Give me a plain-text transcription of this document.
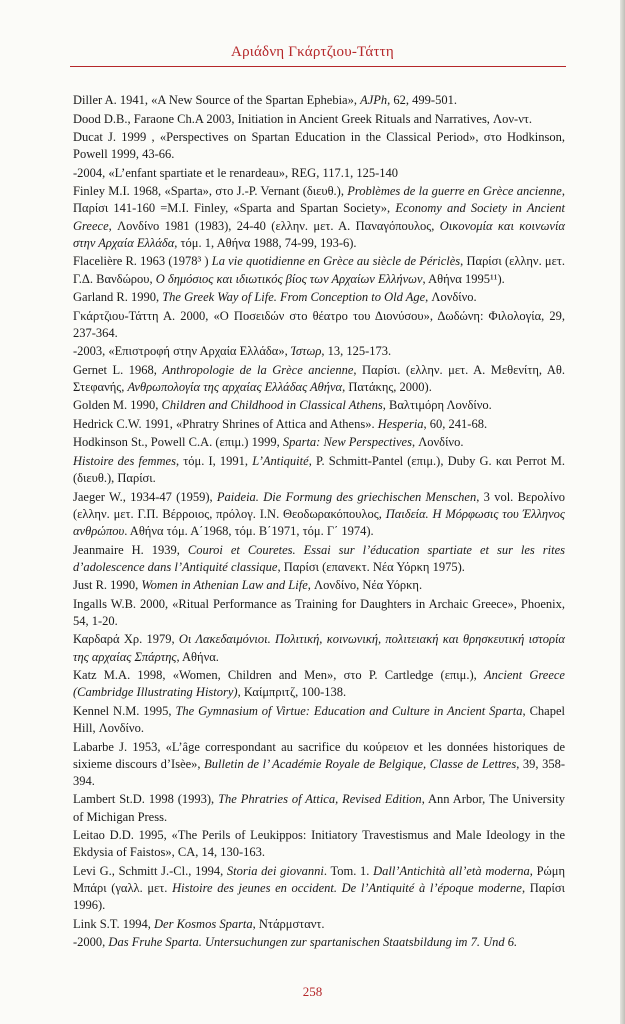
Αριάδνη Γκάρτζιου-Τάττη

Diller A. 1941, «A New Source of the Spartan Ephebia», AJPh, 62, 499-501.

Dood D.B., Faraone Ch.A 2003, Initiation in Ancient Greek Rituals and Narratives, Λον-ντ.

Ducat J. 1999 , «Perspectives on Spartan Education in the Classical Period», στο Hodkinson, Powell 1999, 43-66.

-2004, «L’enfant spartiate et le renardeau», REG, 117.1, 125-140

Finley M.I. 1968, «Sparta», στο J.-P. Vernant (διευθ.), Problèmes de la guerre en Grèce ancienne, Παρίσι 141-160 =M.I. Finley, «Sparta and Spartan Society», Economy and Society in Ancient Greece, Λονδίνο 1981 (1983), 24-40 (ελλην. μετ. Α. Παναγόπουλος, Οικονομία και κοινωνία στην Αρχαία Ελλάδα, τόμ. 1, Αθήνα 1988, 74-99, 193-6).

Flacelière R. 1963 (1978³ ) La vie quotidienne en Grèce au siècle de Périclès, Παρίσι (ελλην. μετ. Γ.Δ. Βανδώρου, Ο δημόσιος και ιδιωτικός βίος των Αρχαίων Ελλήνων, Αθήνα 1995¹¹).

Garland R. 1990, The Greek Way of Life. From Conception to Old Age, Λονδίνο.

Γκάρτζιου-Τάττη Α. 2000, «Ο Ποσειδών στο θέατρο του Διονύσου», Δωδώνη: Φιλολογία, 29, 237-364.

-2003, «Επιστροφή στην Αρχαία Ελλάδα», Ίστωρ, 13, 125-173.

Gernet L. 1968, Anthropologie de la Grèce ancienne, Παρίσι. (ελλην. μετ. Α. Μεθενίτη, Αθ. Στεφανής, Ανθρωπολογία της αρχαίας Ελλάδας Αθήνα, Πατάκης, 2000).

Golden M. 1990, Children and Childhood in Classical Athens, Βαλτιμόρη Λονδίνο.

Hedrick C.W. 1991, «Phratry Shrines of Attica and Athens». Hesperia, 60, 241-68.

Hodkinson St., Powell C.A. (επιμ.) 1999, Sparta: New Perspectives, Λονδίνο.

Histoire des femmes, τόμ. I, 1991, L’Antiquité, P. Schmitt-Pantel (επιμ.), Duby G. και Perrot M. (διευθ.), Παρίσι.

Jaeger W., 1934-47 (1959), Paideia. Die Formung des griechischen Menschen, 3 vol. Βερολίνο (ελλην. μετ. Γ.Π. Βέρροιος, πρόλογ. Ι.Ν. Θεοδωρακόπουλος, Παιδεία. Η Μόρφωσις του Έλληνος ανθρώπου. Αθήνα τόμ. Α΄1968, τόμ. Β΄1971, τόμ. Γ΄ 1974).

Jeanmaire H. 1939, Couroi et Couretes. Essai sur l’éducation spartiate et sur les rites d’adolescence dans l’Antiquité classique, Παρίσι (επανεκτ. Νέα Υόρκη 1975).

Just R. 1990, Women in Athenian Law and Life, Λονδίνο, Νέα Υόρκη.

Ingalls W.B. 2000, «Ritual Performance as Training for Daughters in Archaic Greece», Phoenix, 54, 1-20.

Καρδαρά Χρ. 1979, Οι Λακεδαιμόνιοι. Πολιτική, κοινωνική, πολιτειακή και θρησκευτική ιστορία της αρχαίας Σπάρτης, Αθήνα.

Katz M.A. 1998, «Women, Children and Men», στο P. Cartledge (επιμ.), Ancient Greece (Cambridge Illustrating History), Καίμπριτζ, 100-138.

Kennel N.M. 1995, The Gymnasium of Virtue: Education and Culture in Ancient Sparta, Chapel Hill, Λονδίνο.

Labarbe J. 1953, «L’âge correspondant au sacrifice du κούρειον et les données historiques de sixieme discours d’Isèe», Bulletin de l’ Académie Royale de Belgique, Classe de Lettres, 39, 358-394.

Lambert St.D. 1998 (1993), The Phratries of Attica, Revised Edition, Ann Arbor, The University of Michigan Press.

Leitao D.D. 1995, «The Perils of Leukippos: Initiatory Travestismus and Male Ideology in the Ekdysia of Faistos», CA, 14, 130-163.

Levi G., Schmitt J.-Cl., 1994, Storia dei giovanni. Tom. 1. Dall’Antichità all’età moderna, Ρώμη Μπάρι (γαλλ. μετ. Histoire des jeunes en occident. De l’Antiquité à l’époque moderne, Παρίσι 1996).

Link S.T. 1994, Der Kosmos Sparta, Ντάρμσταντ.

-2000, Das Fruhe Sparta. Untersuchungen zur spartanischen Staatsbildung im 7. Und 6.

258
